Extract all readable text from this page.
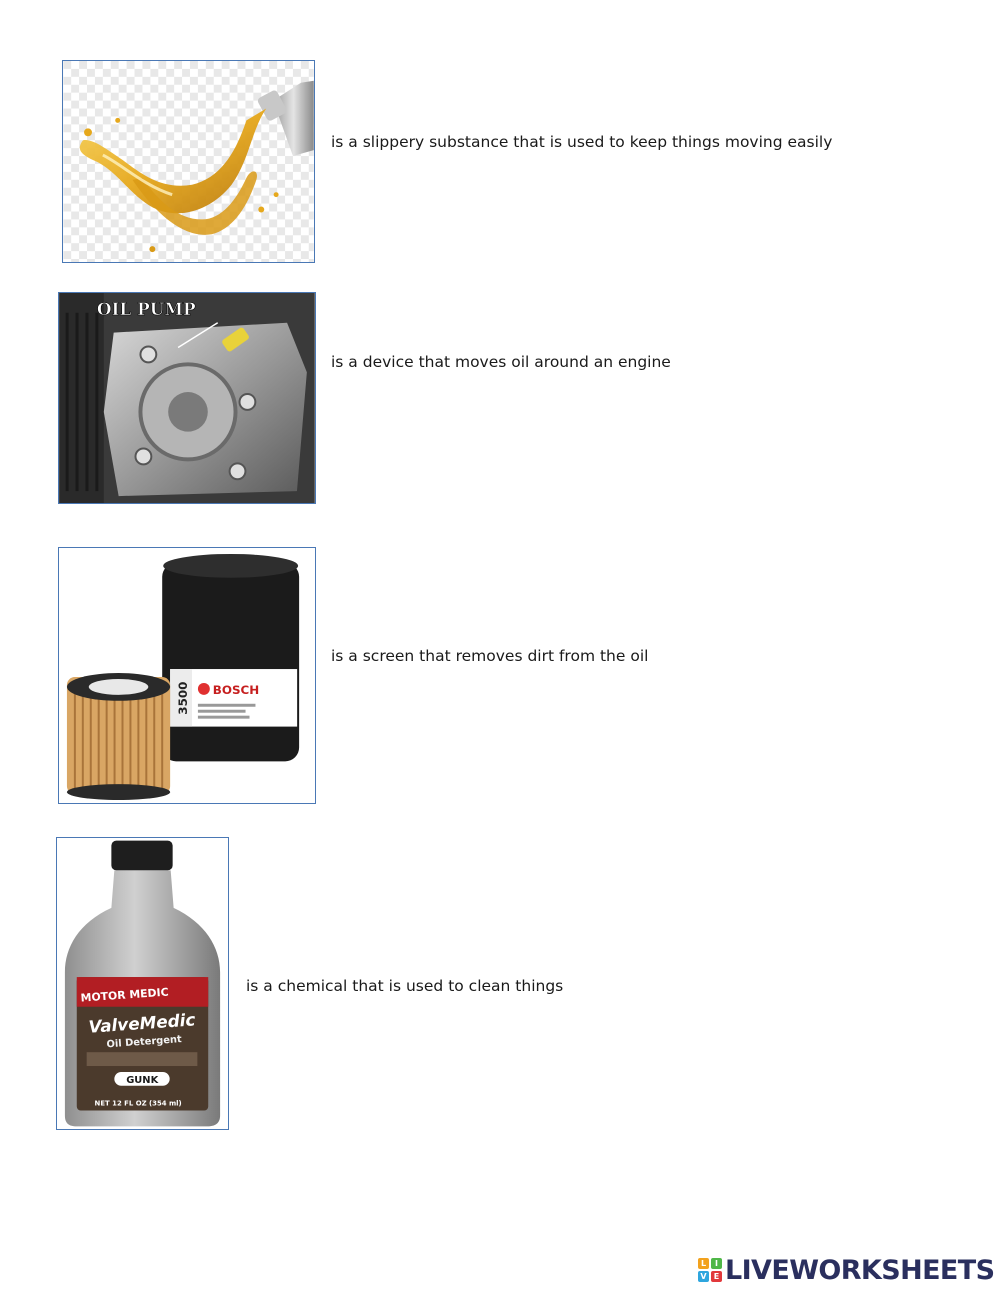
is a slippery substance that is used to keep things moving easily
OIL PUMP
is a device that moves oil around an engine
3500 BOSCH
is a screen that removes dirt from the oil
MOTOR MEDIC
ValveMedic
Oil Detergent
GUNK
NET 12 FL OZ (354 ml)
is a chemical that is used to clean things
L	I
V E LIVEWORKSHEETS
